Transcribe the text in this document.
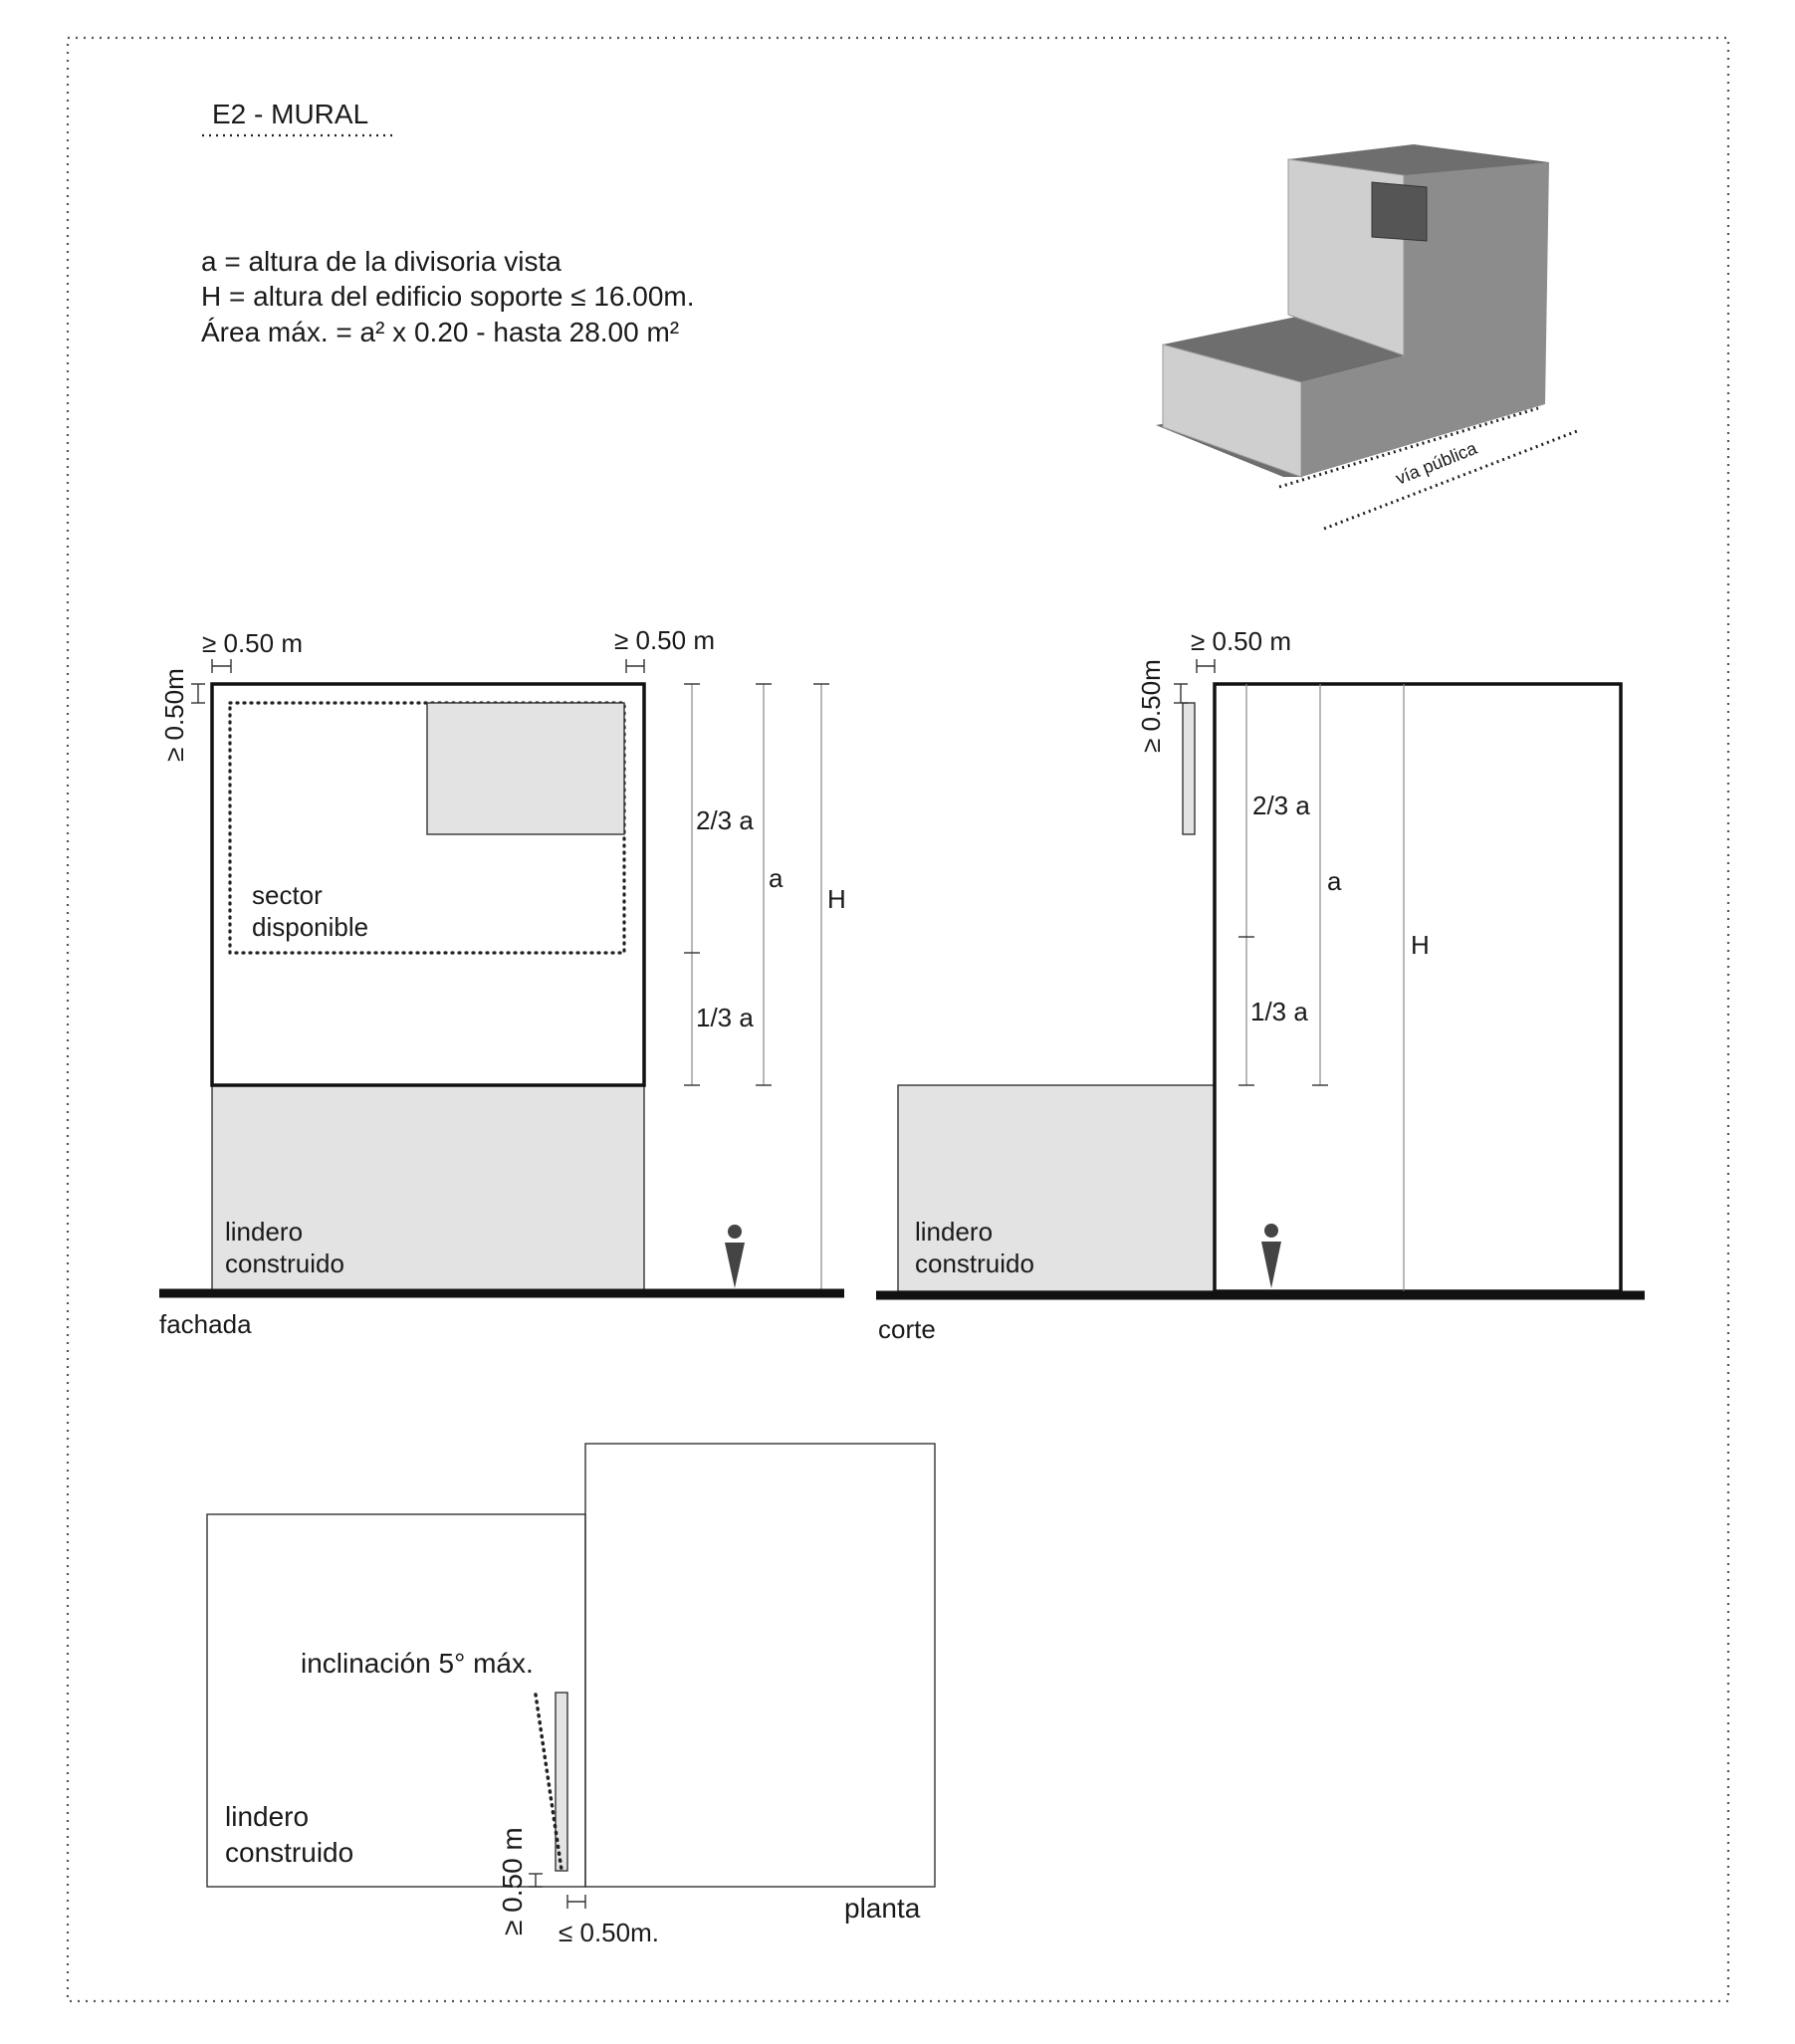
E2 - MURAL
a = altura de la divisoria vista
H = altura del edificio soporte ≤ 16.00m.
Área máx. = a² x 0.20 - hasta 28.00 m²
vía pública
sector
disponible
lindero
construido
≥ 0.50 m	≥ 0.50 m
≥ 0.50m
2/3 a
1/3 a
a
H
fachada
lindero
construido
≥ 0.50 m
≥ 0.50m
2/3 a
1/3 a
a
H
corte
inclinación 5° máx.
lindero
construido	≥ 0.50 m ≤ 0.50m.
planta
